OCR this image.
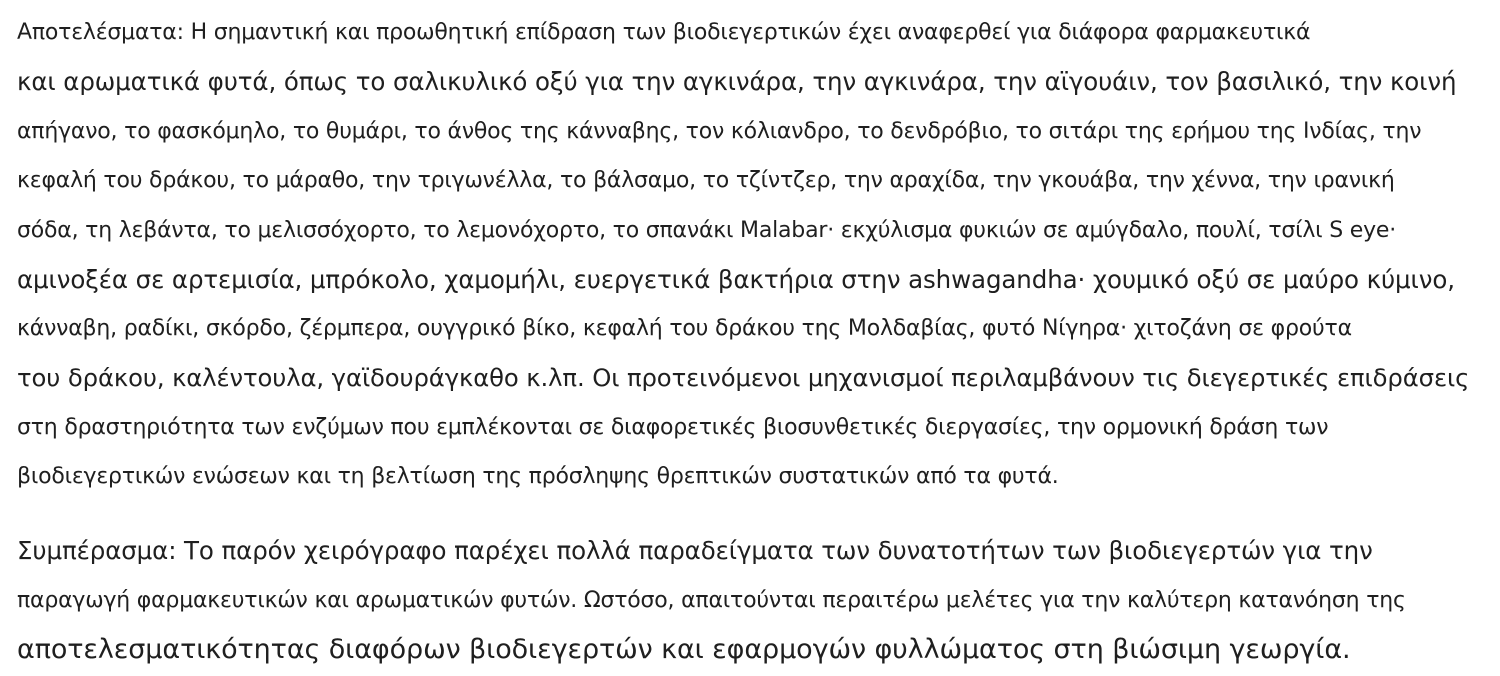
Αποτελέσματα: Η σημαντική και προωθητική επίδραση των βιοδιεγερτικών έχει αναφερθεί για διάφορα φαρμακευτικά
και αρωματικά φυτά, όπως το σαλικυλικό οξύ για την αγκινάρα, την αγκινάρα, την αϊγουάιν, τον βασιλικό, την κοινή
απήγανο, το φασκόμηλο, το θυμάρι, το άνθος της κάνναβης, τον κόλιανδρο, το δενδρόβιο, το σιτάρι της ερήμου της Ινδίας, την
κεφαλή του δράκου, το μάραθο, την τριγωνέλλα, το βάλσαμο, το τζίντζερ, την αραχίδα, την γκουάβα, την χέννα, την ιρανική
σόδα, τη λεβάντα, το μελισσόχορτο, το λεμονόχορτο, το σπανάκι Malabar· εκχύλισμα φυκιών σε αμύγδαλο, πουλί, τσίλι S eye·
αμινοξέα σε αρτεμισία, μπρόκολο, χαμομήλι, ευεργετικά βακτήρια στην ashwagandha· χουμικό οξύ σε μαύρο κύμινο,
κάνναβη, ραδίκι, σκόρδο, ζέρμπερα, ουγγρικό βίκο, κεφαλή του δράκου της Μολδαβίας, φυτό Νίγηρα· χιτοζάνη σε φρούτα
του δράκου, καλέντουλα, γαϊδουράγκαθο κ.λπ. Οι προτεινόμενοι μηχανισμοί περιλαμβάνουν τις διεγερτικές επιδράσεις
στη δραστηριότητα των ενζύμων που εμπλέκονται σε διαφορετικές βιοσυνθετικές διεργασίες, την ορμονική δράση των
βιοδιεγερτικών ενώσεων και τη βελτίωση της πρόσληψης θρεπτικών συστατικών από τα φυτά.
Συμπέρασμα: Το παρόν χειρόγραφο παρέχει πολλά παραδείγματα των δυνατοτήτων των βιοδιεγερτών για την
παραγωγή φαρμακευτικών και αρωματικών φυτών. Ωστόσο, απαιτούνται περαιτέρω μελέτες για την καλύτερη κατανόηση της
αποτελεσματικότητας διαφόρων βιοδιεγερτών και εφαρμογών φυλλώματος στη βιώσιμη γεωργία.
